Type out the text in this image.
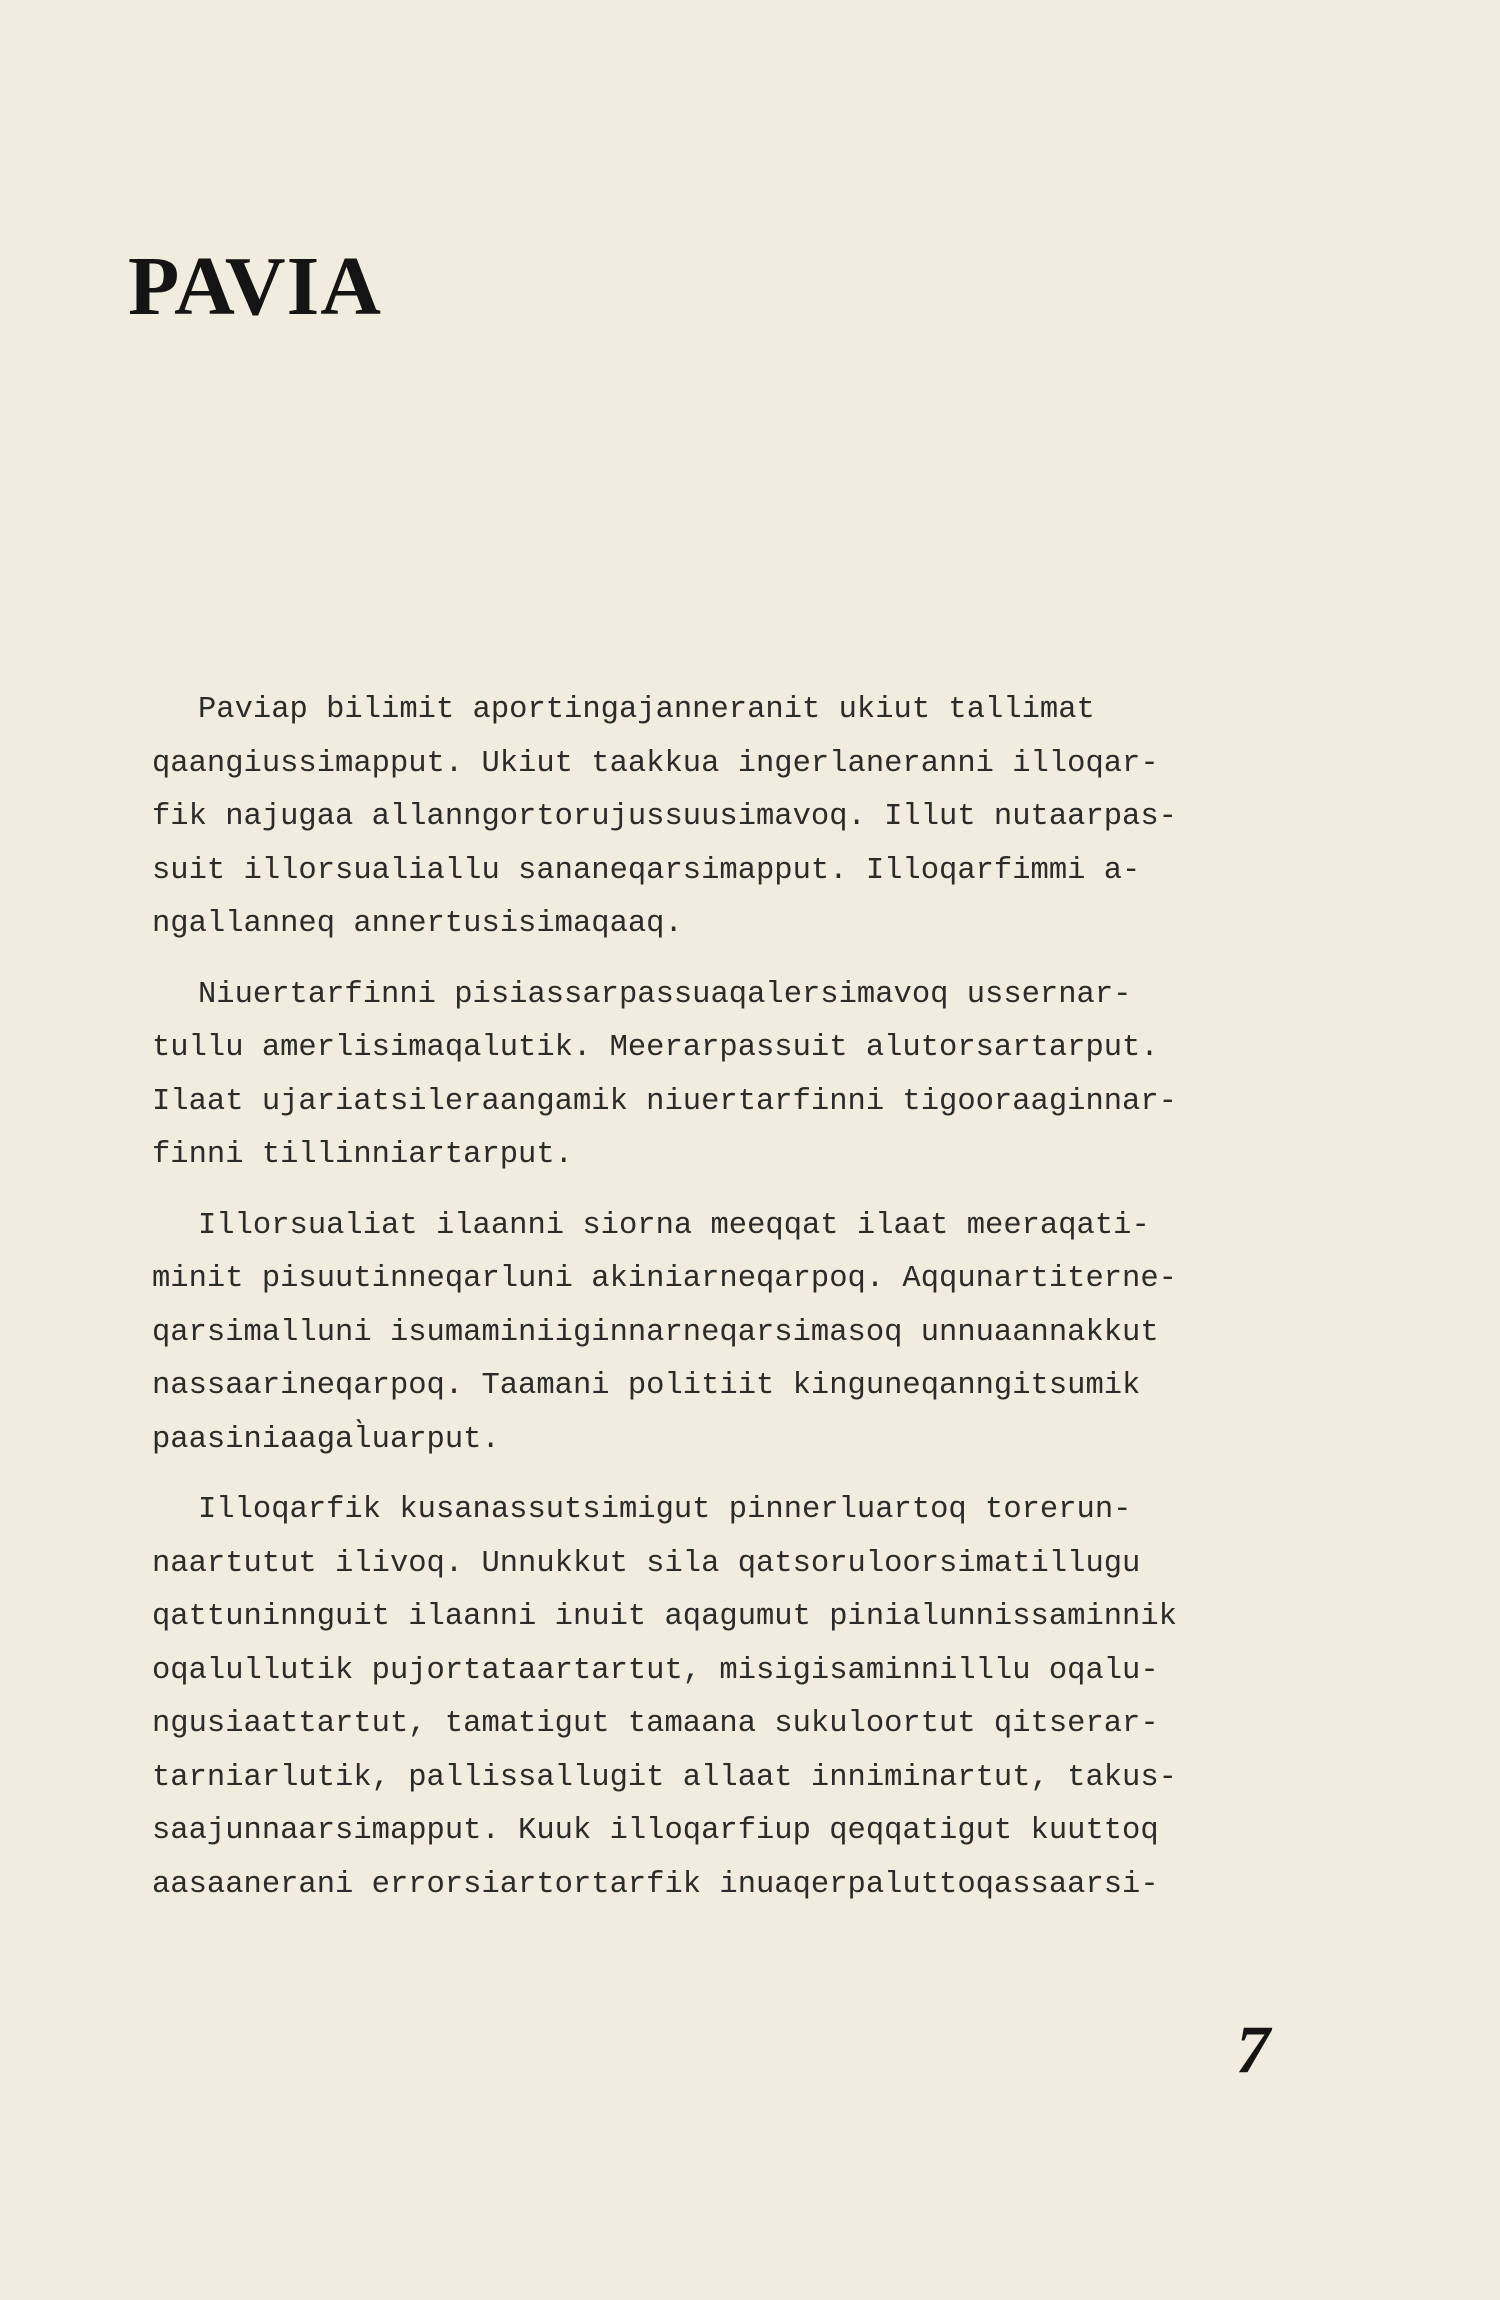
PAVIA
Paviap bilimit aportingajanneranit ukiut tallimat
qaangiussimapput. Ukiut taakkua ingerlaneranni illoqar-
fik najugaa allanngortorujussuusimavoq. Illut nutaarpas-
suit illorsualiallu sananeqarsimapput. Illoqarfimmi a-
ngallanneq annertusisimaqaaq.
Niuertarfinni pisiassarpassuaqalersimavoq ussernar-
tullu amerlisimaqalutik. Meerarpassuit alutorsartarput.
Ilaat ujariatsileraangamik niuertarfinni tigooraaginnar-
finni tillinniartarput.
Illorsualiat ilaanni siorna meeqqat ilaat meeraqati-
minit pisuutinneqarluni akiniarneqarpoq. Aqqunartiterne-
qarsimalluni isumaminiiginnarneqarsimasoq unnuaannakkut
nassaarineqarpoq. Taamani politiit kinguneqanngitsumik
paasiniaagal̀uarput.
Illoqarfik kusanassutsimigut pinnerluartoq torerun-
naartutut ilivoq. Unnukkut sila qatsoruloorsimatillugu
qattuninnguit ilaanni inuit aqagumut pinialunnissaminnik
oqalullutik pujortataartartut, misigisaminnilllu oqalu-
ngusiaattartut, tamatigut tamaana sukuloortut qitserar-
tarniarlutik, pallissallugit allaat inniminartut, takus-
saajunnaarsimapput. Kuuk illoqarfiup qeqqatigut kuuttoq
aasaanerani errorsiartortarfik inuaqerpaluttoqassaarsi-
7
